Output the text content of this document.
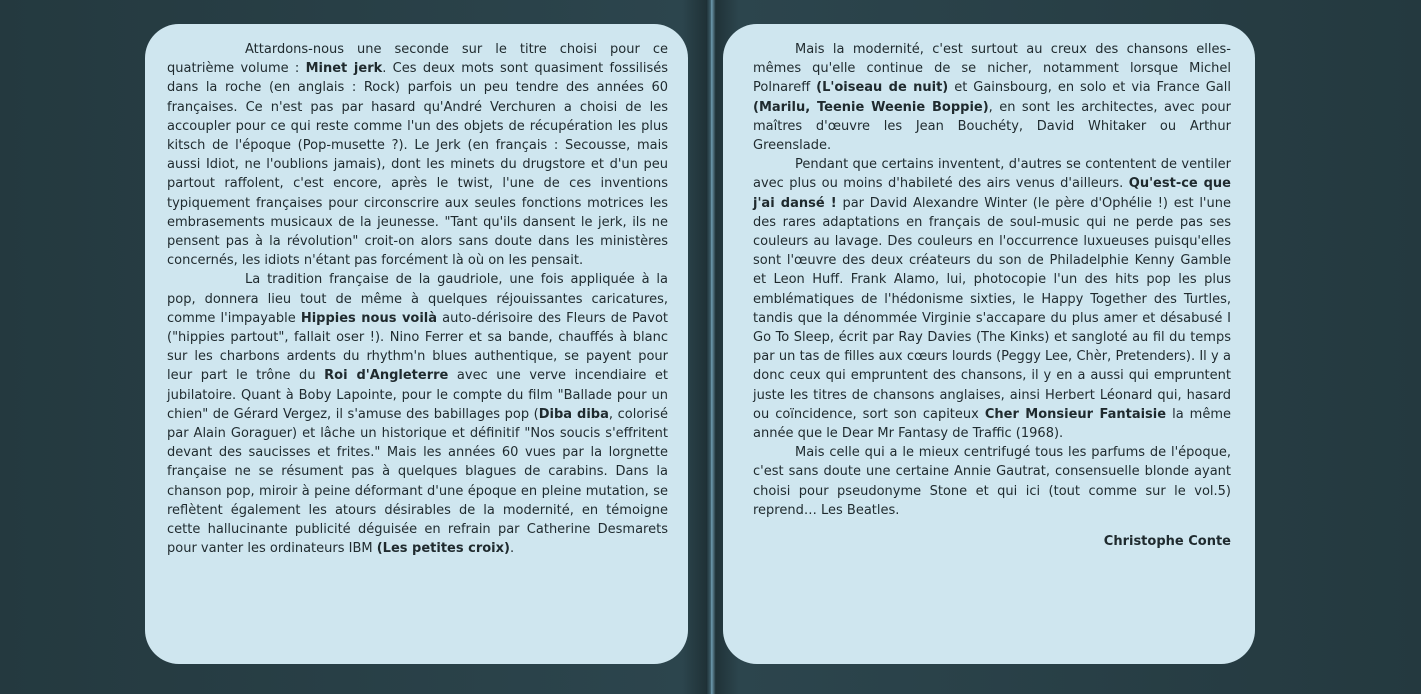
Attardons-nous une seconde sur le titre choisi pour ce quatrième volume : Minet jerk. Ces deux mots sont quasiment fossilisés dans la roche (en anglais : Rock) parfois un peu tendre des années 60 françaises. Ce n'est pas par hasard qu'André Verchuren a choisi de les accoupler pour ce qui reste comme l'un des objets de récupération les plus kitsch de l'époque (Pop-musette ?). Le Jerk (en français : Secousse, mais aussi Idiot, ne l'oublions jamais), dont les minets du drugstore et d'un peu partout raffolent, c'est encore, après le twist, l'une de ces inventions typiquement françaises pour circonscrire aux seules fonctions motrices les embrasements musicaux de la jeunesse. "Tant qu'ils dansent le jerk, ils ne pensent pas à la révolution" croit-on alors sans doute dans les ministères concernés, les idiots n'étant pas forcément là où on les pensait.

La tradition française de la gaudriole, une fois appliquée à la pop, donnera lieu tout de même à quelques réjouissantes caricatures, comme l'impayable Hippies nous voilà auto-dérisoire des Fleurs de Pavot ("hippies partout", fallait oser !). Nino Ferrer et sa bande, chauffés à blanc sur les charbons ardents du rhythm'n blues authentique, se payent pour leur part le trône du Roi d'Angleterre avec une verve incendiaire et jubilatoire. Quant à Boby Lapointe, pour le compte du film "Ballade pour un chien" de Gérard Vergez, il s'amuse des babillages pop (Diba diba, colorisé par Alain Goraguer) et lâche un historique et définitif "Nos soucis s'effritent devant des saucisses et frites." Mais les années 60 vues par la lorgnette française ne se résument pas à quelques blagues de carabins. Dans la chanson pop, miroir à peine déformant d'une époque en pleine mutation, se reflètent également les atours désirables de la modernité, en témoigne cette hallucinante publicité déguisée en refrain par Catherine Desmarets pour vanter les ordinateurs IBM (Les petites croix).

Mais la modernité, c'est surtout au creux des chansons elles-mêmes qu'elle continue de se nicher, notamment lorsque Michel Polnareff (L'oiseau de nuit) et Gainsbourg, en solo et via France Gall (Marilu, Teenie Weenie Boppie), en sont les architectes, avec pour maîtres d'œuvre les Jean Bouchéty, David Whitaker ou Arthur Greenslade.

Pendant que certains inventent, d'autres se contentent de ventiler avec plus ou moins d'habileté des airs venus d'ailleurs. Qu'est-ce que j'ai dansé ! par David Alexandre Winter (le père d'Ophélie !) est l'une des rares adaptations en français de soul-music qui ne perde pas ses couleurs au lavage. Des couleurs en l'occurrence luxueuses puisqu'elles sont l'œuvre des deux créateurs du son de Philadelphie Kenny Gamble et Leon Huff. Frank Alamo, lui, photocopie l'un des hits pop les plus emblématiques de l'hédonisme sixties, le Happy Together des Turtles, tandis que la dénommée Virginie s'accapare du plus amer et désabusé I Go To Sleep, écrit par Ray Davies (The Kinks) et sangloté au fil du temps par un tas de filles aux cœurs lourds (Peggy Lee, Chèr, Pretenders). Il y a donc ceux qui empruntent des chansons, il y en a aussi qui empruntent juste les titres de chansons anglaises, ainsi Herbert Léonard qui, hasard ou coïncidence, sort son capiteux Cher Monsieur Fantaisie la même année que le Dear Mr Fantasy de Traffic (1968).

Mais celle qui a le mieux centrifugé tous les parfums de l'époque, c'est sans doute une certaine Annie Gautrat, consensuelle blonde ayant choisi pour pseudonyme Stone et qui ici (tout comme sur le vol.5) reprend… Les Beatles.

Christophe Conte
